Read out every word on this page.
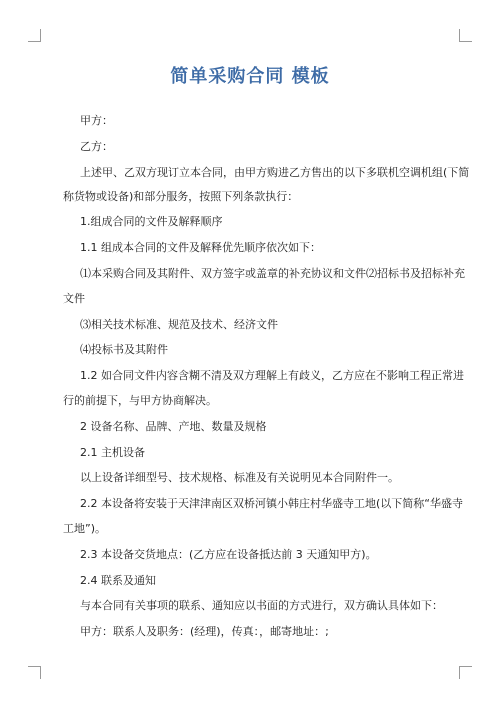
简单采购合同 模板

甲方：

乙方：

上述甲、乙双方现订立本合同，由甲方购进乙方售出的以下多联机空调机组(下简

称货物或设备)和部分服务，按照下列条款执行：

1.组成合同的文件及解释顺序

1.1 组成本合同的文件及解释优先顺序依次如下：

⑴本采购合同及其附件、双方签字或盖章的补充协议和文件⑵招标书及招标补充

文件

⑶相关技术标准、规范及技术、经济文件

⑷投标书及其附件

1.2 如合同文件内容含糊不清及双方理解上有歧义，乙方应在不影响工程正常进

行的前提下，与甲方协商解决。

2 设备名称、品牌、产地、数量及规格

2.1 主机设备

以上设备详细型号、技术规格、标准及有关说明见本合同附件一。

2.2 本设备将安装于天津津南区双桥河镇小韩庄村华盛寺工地(以下简称“华盛寺

工地”)。

2.3 本设备交货地点：(乙方应在设备抵达前 3 天通知甲方)。

2.4 联系及通知

与本合同有关事项的联系、通知应以书面的方式进行，双方确认具体如下：

甲方：联系人及职务：(经理)，传真：，邮寄地址：;
